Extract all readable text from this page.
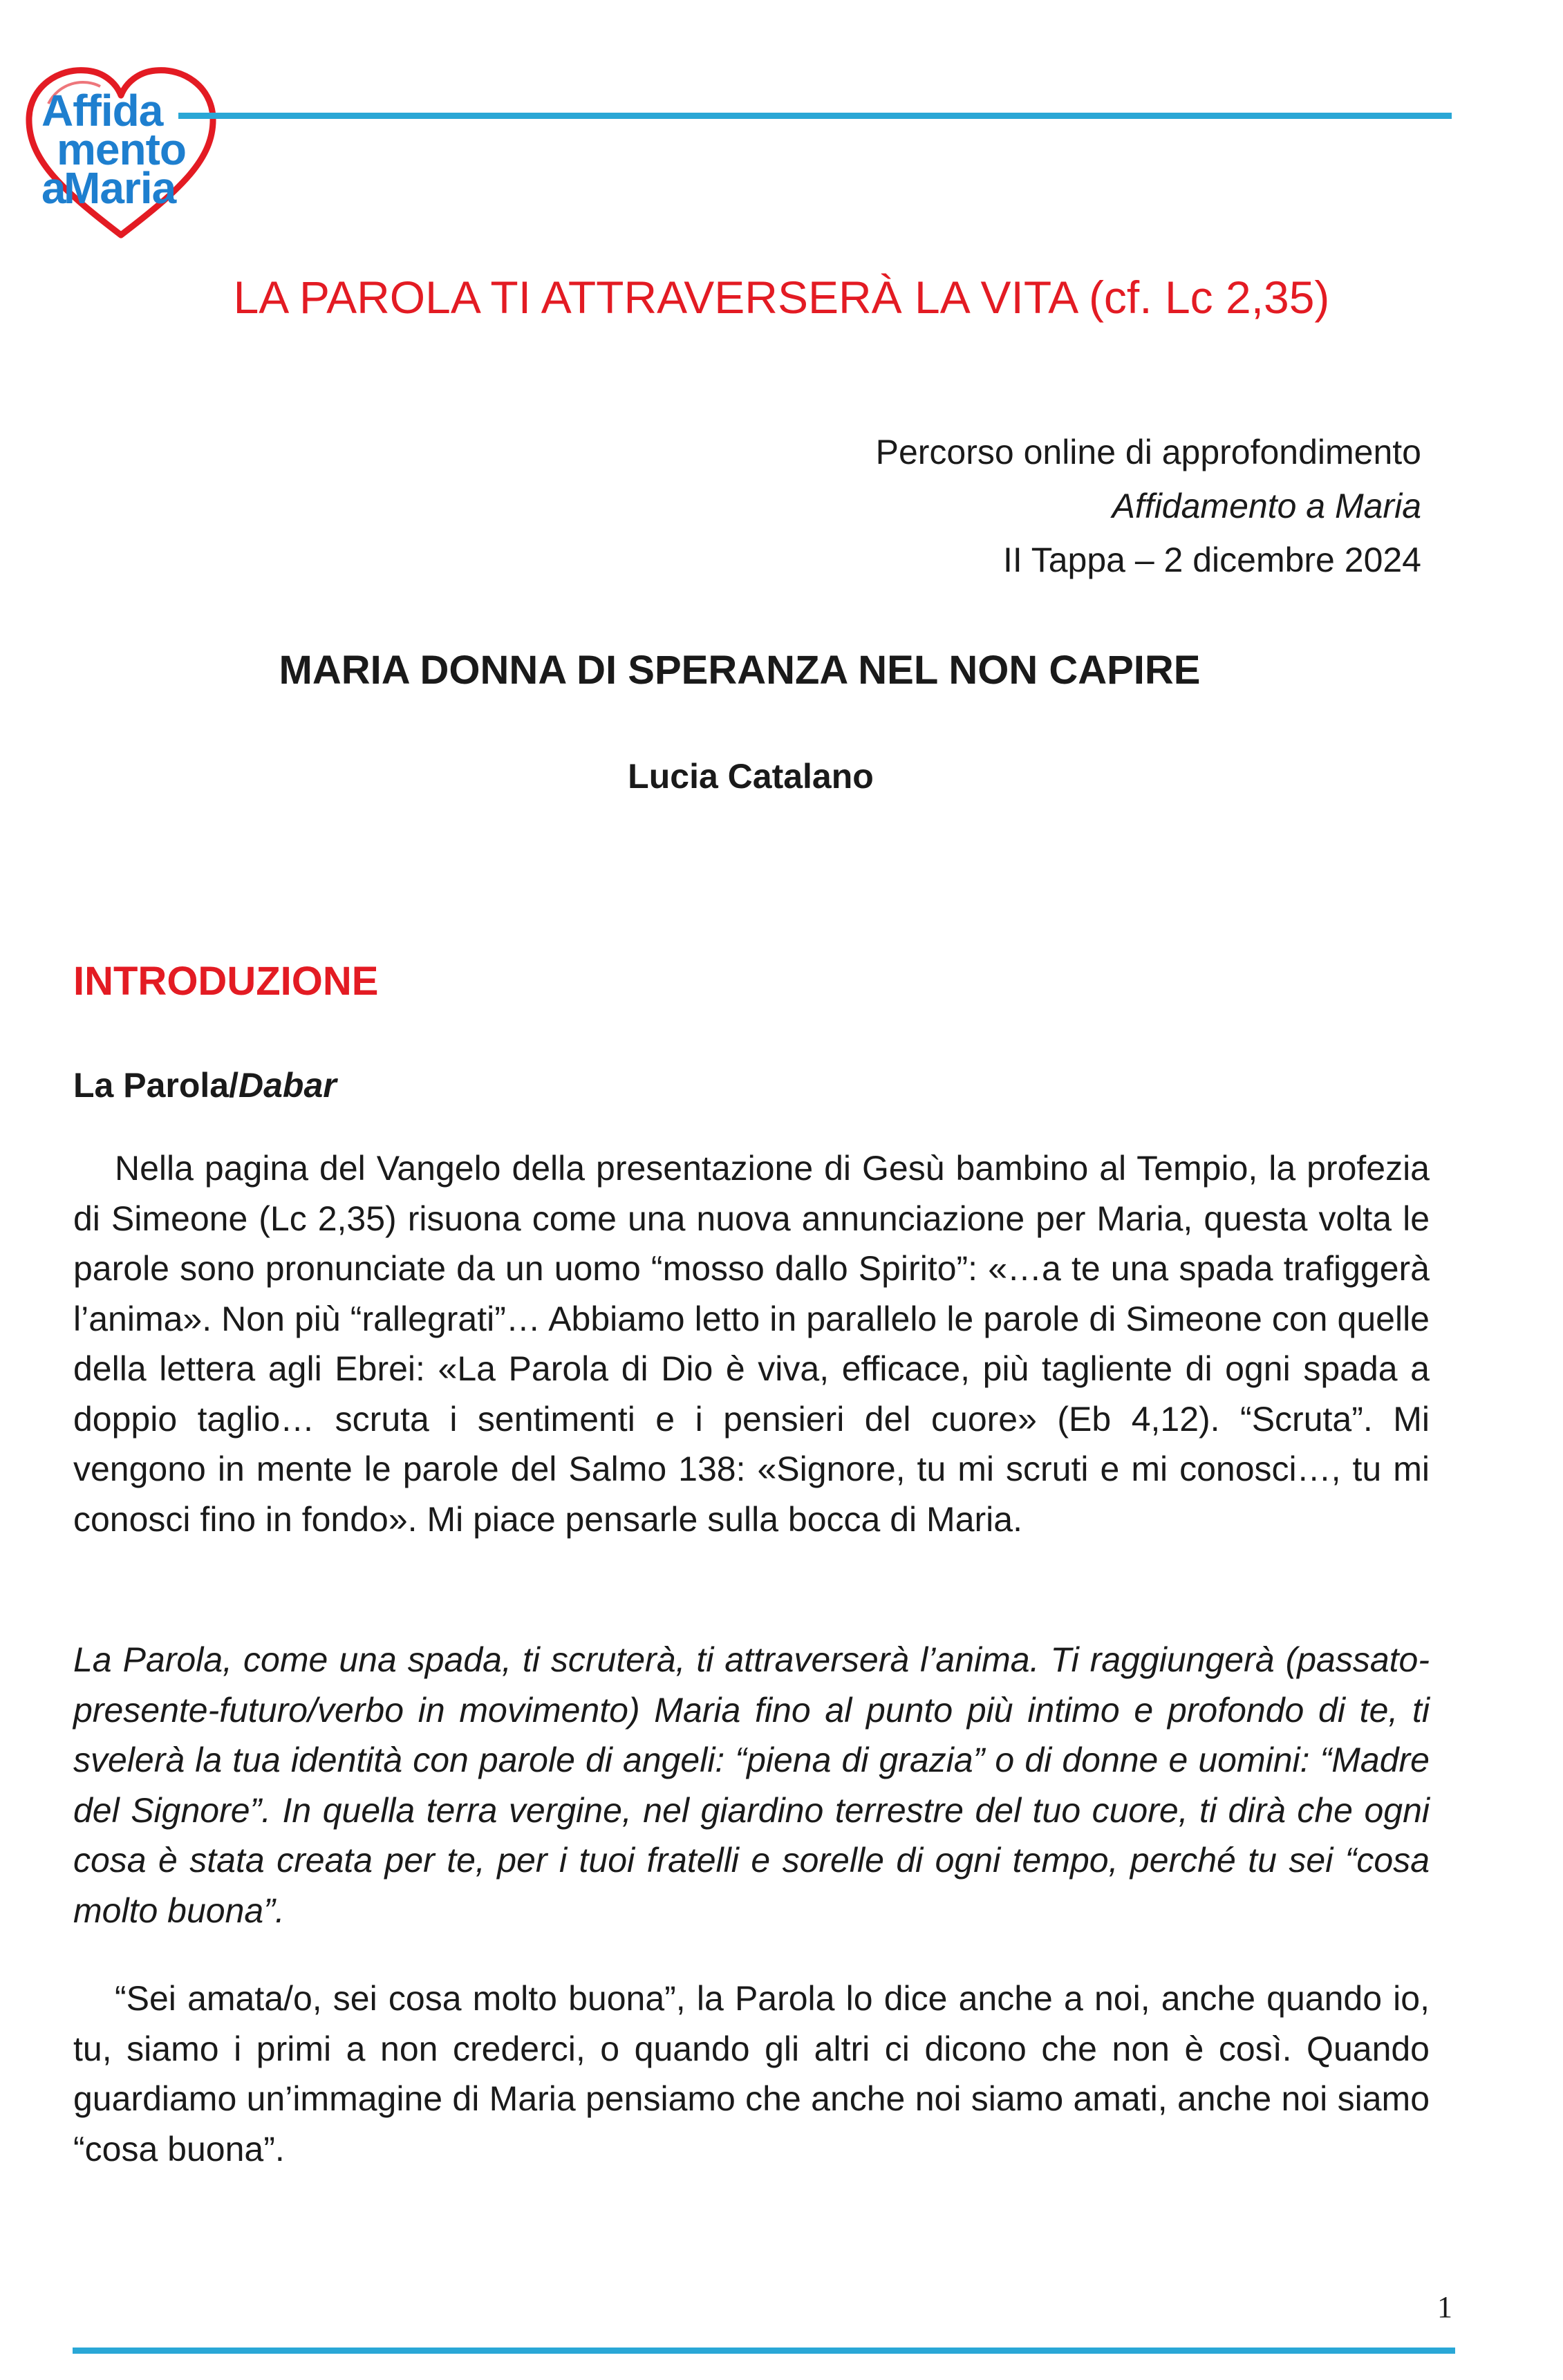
Affida
mento
a
Maria
LA PAROLA TI ATTRAVERSERÀ LA VITA (cf. Lc 2,35)
Percorso online di approfondimento
Affidamento a Maria
II Tappa – 2 dicembre 2024
MARIA DONNA DI SPERANZA NEL NON CAPIRE
Lucia Catalano
INTRODUZIONE
La Parola/Dabar

Nella pagina del Vangelo della presentazione di Gesù bambino al Tempio, la profezia di Simeone (Lc 2,35) risuona come una nuova annunciazione per Maria, questa volta le parole sono pronunciate da un uomo “mosso dallo Spirito”: «…a te una spada trafiggerà l’anima». Non più “rallegrati”… Abbiamo letto in parallelo le parole di Simeone con quelle della lettera agli Ebrei: «La Parola di Dio è viva, efficace, più tagliente di ogni spada a doppio taglio… scruta i sentimenti e i pensieri del cuore» (Eb 4,12). “Scruta”. Mi vengono in mente le parole del Salmo 138: «Signore, tu mi scruti e mi conosci…, tu mi conosci fino in fondo». Mi piace pensarle sulla bocca di Maria.

La Parola, come una spada, ti scruterà, ti attraverserà l’anima. Ti raggiungerà (passato-presente-futuro/verbo in movimento) Maria fino al punto più intimo e profondo di te, ti svelerà la tua identità con parole di angeli: “piena di grazia” o di donne e uomini: “Madre del Signore”. In quella terra vergine, nel giardino terrestre del tuo cuore, ti dirà che ogni cosa è stata creata per te, per i tuoi fratelli e sorelle di ogni tempo, perché tu sei “cosa molto buona”.

“Sei amata/o, sei cosa molto buona”, la Parola lo dice anche a noi, anche quando io, tu, siamo i primi a non crederci, o quando gli altri ci dicono che non è così. Quando guardiamo un’immagine di Maria pensiamo che anche noi siamo amati, anche noi siamo “cosa buona”.

1
